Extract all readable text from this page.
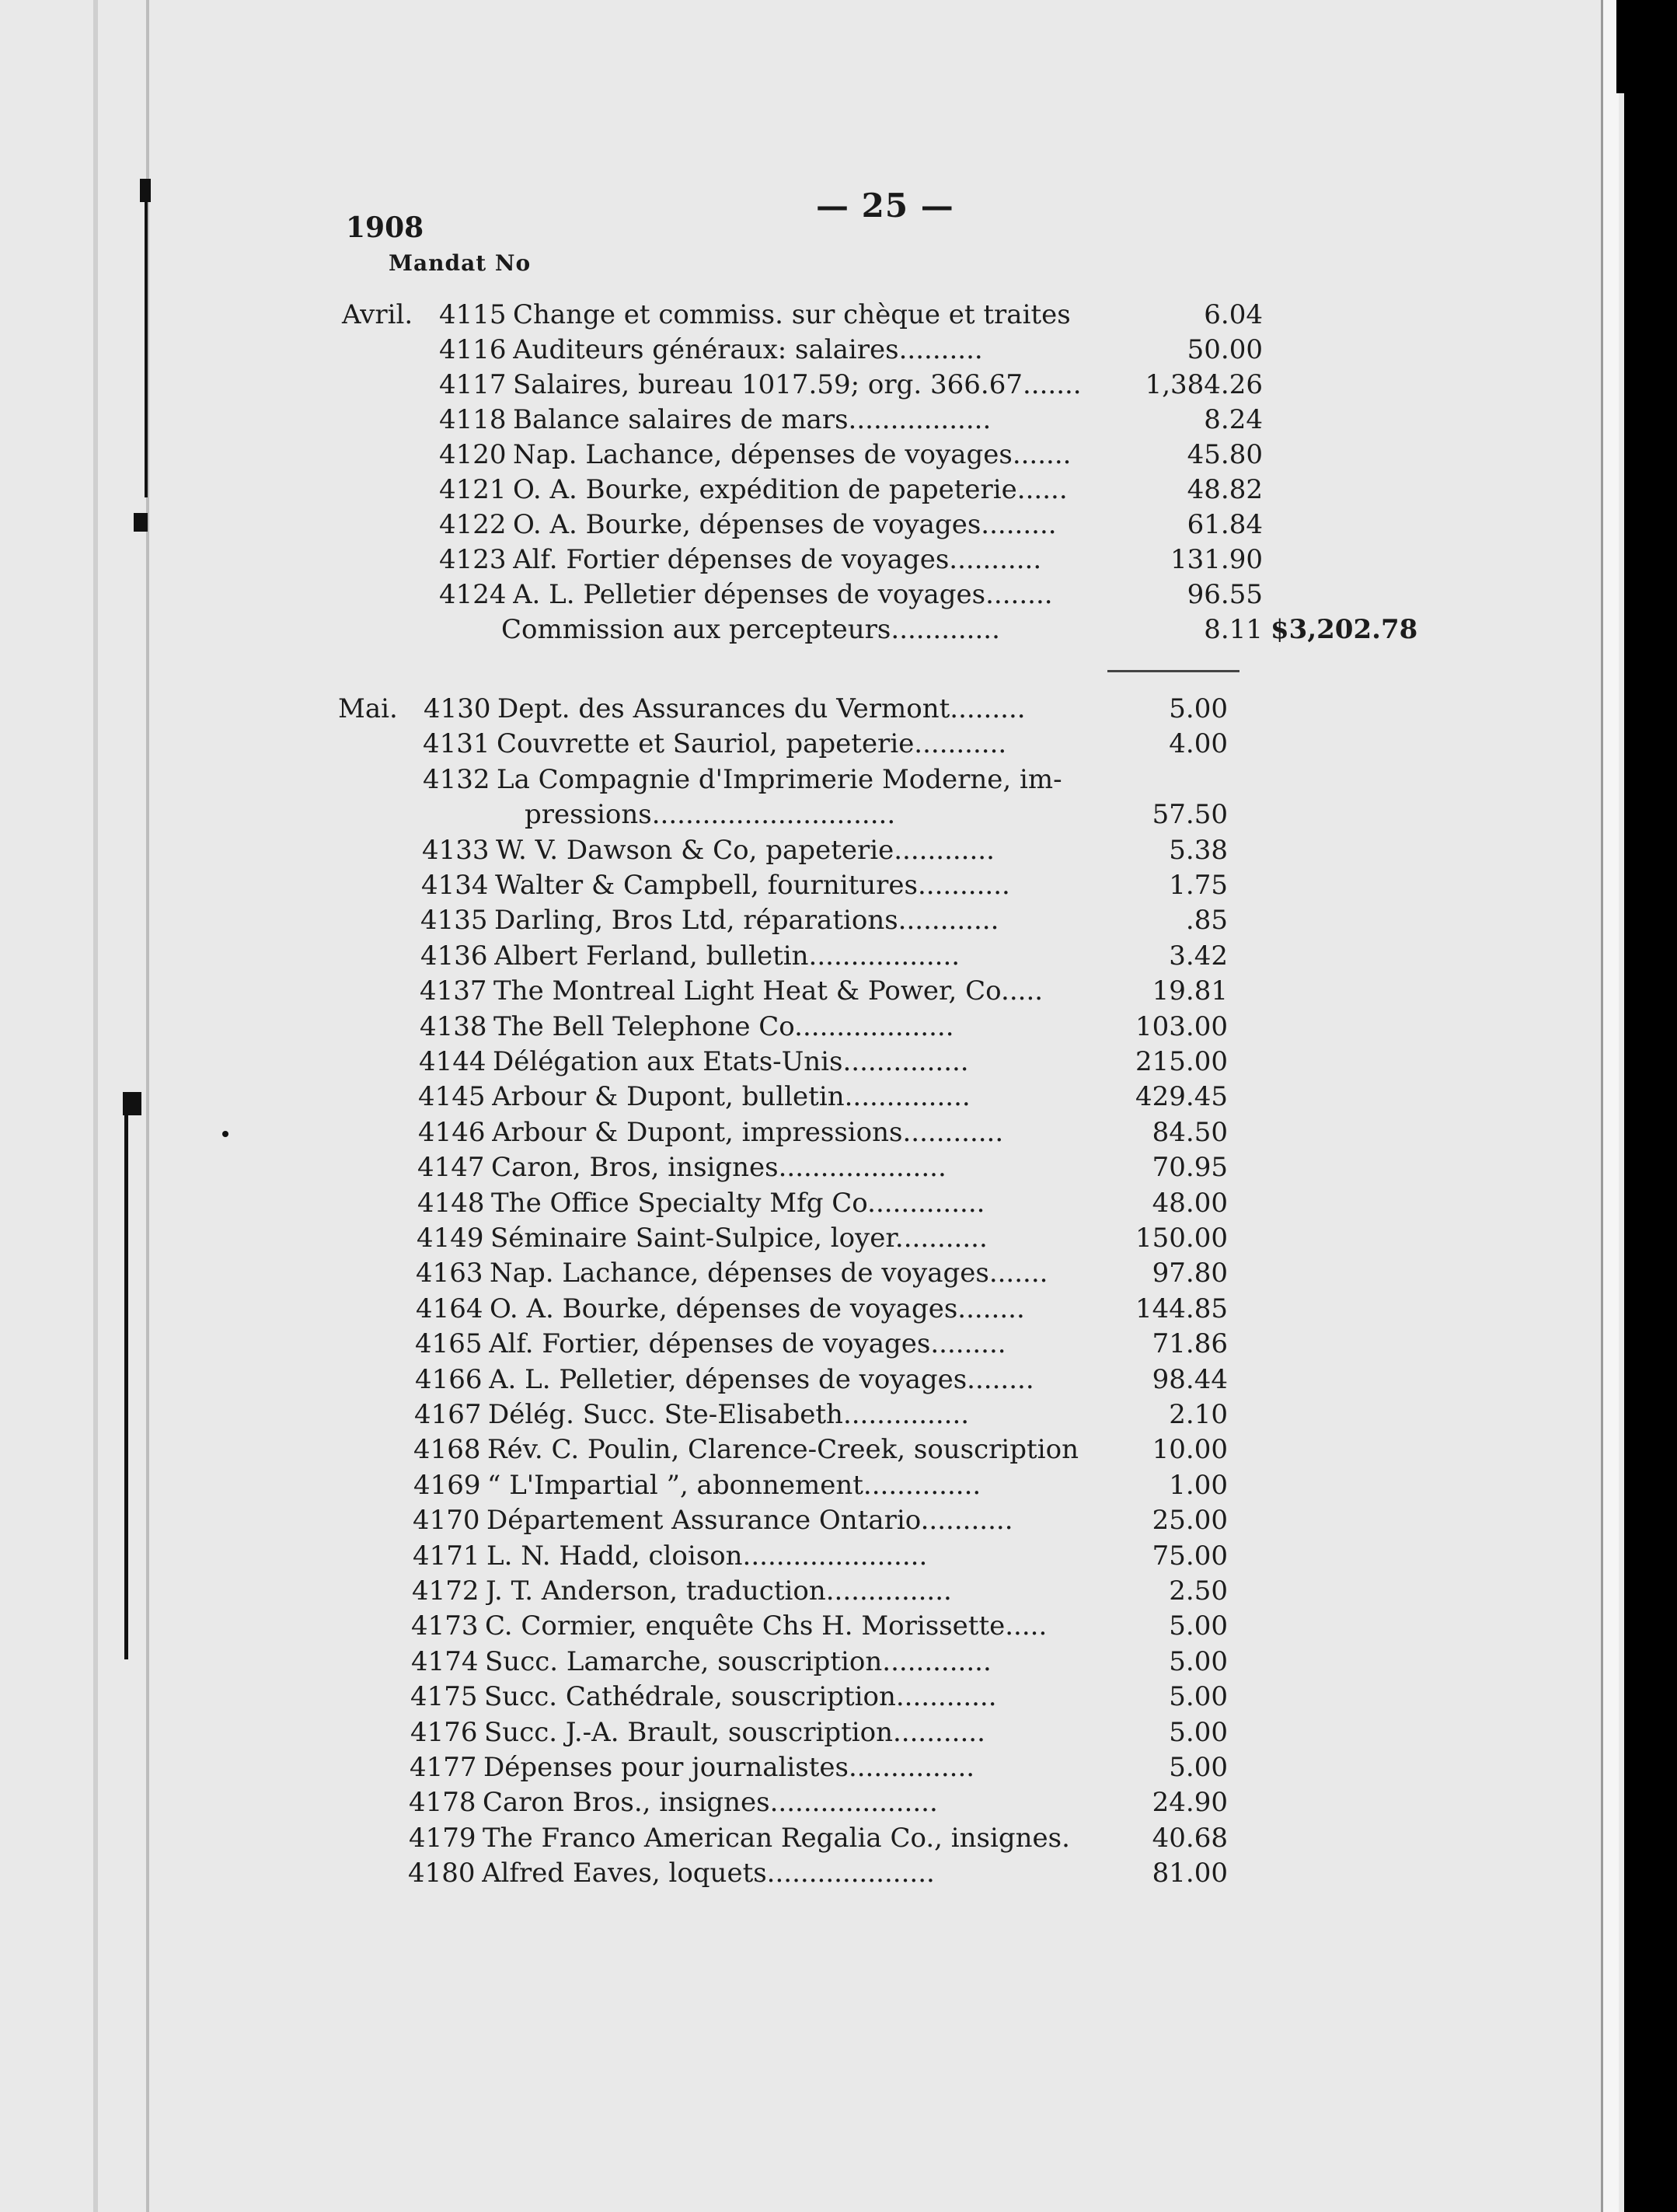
— 25 —
1908
Mandat No
Avril. 4115 Change et commiss. sur chèque et traites	6.04
4116 Auditeurs généraux: salaires..........	50.00
4117 Salaires, bureau 1017.59; org. 366.67.......	1,384.26
4118 Balance salaires de mars.................	8.24
4120 Nap. Lachance, dépenses de voyages.......	45.80
4121 O. A. Bourke, expédition de papeterie......	48.82
4122 O. A. Bourke, dépenses de voyages.........	61.84
4123 Alf. Fortier dépenses de voyages...........	131.90
4124 A. L. Pelletier dépenses de voyages........	96.55
Commission aux percepteurs.............	8.11 $3,202.78
Mai. 4130 Dept. des Assurances du Vermont.........	5.00
4131 Couvrette et Sauriol, papeterie...........	4.00
4132 La Compagnie d'Imprimerie Moderne, im-
pressions.............................	57.50
4133 W. V. Dawson & Co, papeterie............	5.38
4134 Walter & Campbell, fournitures...........	1.75
4135 Darling, Bros Ltd, réparations............	.85
4136 Albert Ferland, bulletin..................	3.42
4137 The Montreal Light Heat & Power, Co.....	19.81
4138 The Bell Telephone Co...................	103.00
4144 Délégation aux Etats-Unis...............	215.00
4145 Arbour & Dupont, bulletin...............	429.45
4146 Arbour & Dupont, impressions............	84.50
4147 Caron, Bros, insignes....................	70.95
4148 The Office Specialty Mfg Co..............	48.00
4149 Séminaire Saint-Sulpice, loyer...........	150.00
4163 Nap. Lachance, dépenses de voyages.......	97.80
4164 O. A. Bourke, dépenses de voyages........	144.85
4165 Alf. Fortier, dépenses de voyages.........	71.86
4166 A. L. Pelletier, dépenses de voyages........	98.44
4167 Délég. Succ. Ste-Elisabeth...............	2.10
4168 Rév. C. Poulin, Clarence-Creek, souscription	10.00
4169 “ L'Impartial ”, abonnement..............	1.00
4170 Département Assurance Ontario...........	25.00
4171 L. N. Hadd, cloison......................	75.00
4172 J. T. Anderson, traduction...............	2.50
4173 C. Cormier, enquête Chs H. Morissette.....	5.00
4174 Succ. Lamarche, souscription.............	5.00
4175 Succ. Cathédrale, souscription............	5.00
4176 Succ. J.-A. Brault, souscription...........	5.00
4177 Dépenses pour journalistes...............	5.00
4178 Caron Bros., insignes....................	24.90
4179 The Franco American Regalia Co., insignes.	40.68
4180 Alfred Eaves, loquets....................	81.00
